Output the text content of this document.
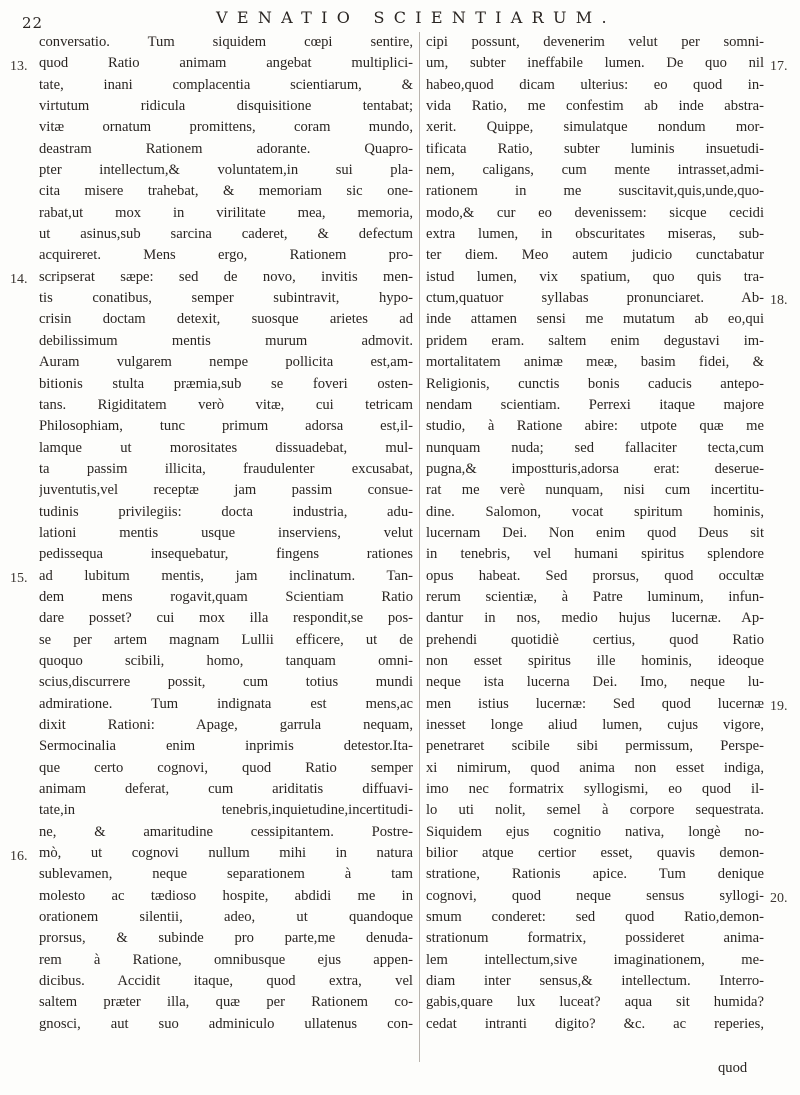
22	VENATIO SCIENTIARUM.
conversatio. Tum siquidem cœpi sentire,
quod Ratio animam angebat multiplici-
tate, inani complacentia scientiarum, &
virtutum ridicula disquisitione tentabat;
vitæ ornatum promittens, coram mundo,
deastram Rationem adorante. Quapro-
pter intellectum,& voluntatem,in sui pla-
cita misere trahebat, & memoriam sic one-
rabat,ut mox in virilitate mea, memoria,
ut asinus,sub sarcina caderet, & defectum
acquireret. Mens ergo, Rationem pro-
scripserat sæpe: sed de novo, invitis men-
tis conatibus, semper subintravit, hypo-
crisin doctam detexit, suosque arietes ad
debilissimum mentis murum admovit.
Auram vulgarem nempe pollicita est,am-
bitionis stulta præmia,sub se foveri osten-
tans. Rigiditatem verò vitæ, cui tetricam
Philosophiam, tunc primum adorsa est,il-
lamque ut morositates dissuadebat, mul-
ta passim illicita, fraudulenter excusabat,
juventutis,vel receptæ jam passim consue-
tudinis privilegiis: docta industria, adu-
lationi mentis usque inserviens, velut
pedissequa insequebatur, fingens rationes
ad lubitum mentis, jam inclinatum. Tan-
dem mens rogavit,quam Scientiam Ratio
dare posset? cui mox illa respondit,se pos-
se per artem magnam Lullii efficere, ut de
quoquo scibili, homo, tanquam omni-
scius,discurrere possit, cum totius mundi
admiratione. Tum indignata est mens,ac
dixit Rationi: Apage, garrula nequam,
Sermocinalia enim inprimis detestor.Ita-
que certo cognovi, quod Ratio semper
animam deferat, cum ariditatis diffuavi-
tate,in tenebris,inquietudine,incertitudi-
ne, & amaritudine cessipitantem. Postre-
mò, ut cognovi nullum mihi in natura
sublevamen, neque separationem à tam
molesto ac tædioso hospite, abdidi me in
orationem silentii, adeo, ut quandoque
prorsus, & subinde pro parte,me denuda-
rem à Ratione, omnibusque ejus appen-
dicibus. Accidit itaque, quod extra, vel
saltem præter illa, quæ per Rationem co-
gnosci, aut suo adminiculo ullatenus con-
cipi possunt, devenerim velut per somni-
um, subter ineffabile lumen. De quo nil
habeo,quod dicam ulterius: eo quod in-
vida Ratio, me confestim ab inde abstra-
xerit. Quippe, simulatque nondum mor-
tificata Ratio, subter luminis insuetudi-
nem, caligans, cum mente intrasset,admi-
rationem in me suscitavit,quis,unde,quo-
modo,& cur eo devenissem: sicque cecidi
extra lumen, in obscuritates miseras, sub-
ter diem. Meo autem judicio cunctabatur
istud lumen, vix spatium, quo quis tra-
ctum,quatuor syllabas pronunciaret. Ab-
inde attamen sensi me mutatum ab eo,qui
pridem eram. saltem enim degustavi im-
mortalitatem animæ meæ, basim fidei, &
Religionis, cunctis bonis caducis antepo-
nendam scientiam. Perrexi itaque majore
studio, à Ratione abire: utpote quæ me
nunquam nuda; sed fallaciter tecta,cum
pugna,& impostturis,adorsa erat: deserue-
rat me verè nunquam, nisi cum incertitu-
dine. Salomon, vocat spiritum hominis,
lucernam Dei. Non enim quod Deus sit
in tenebris, vel humani spiritus splendore
opus habeat. Sed prorsus, quod occultæ
rerum scientiæ, à Patre luminum, infun-
dantur in nos, medio hujus lucernæ. Ap-
prehendi quotidiè certius, quod Ratio
non esset spiritus ille hominis, ideoque
neque ista lucerna Dei. Imo, neque lu-
men istius lucernæ: Sed quod lucernæ
inesset longe aliud lumen, cujus vigore,
penetraret scibile sibi permissum, Perspe-
xi nimirum, quod anima non esset indiga,
imo nec formatrix syllogismi, eo quod il-
lo uti nolit, semel à corpore sequestrata.
Siquidem ejus cognitio nativa, longè no-
bilior atque certior esset, quavis demon-
stratione, Rationis apice. Tum denique
cognovi, quod neque sensus syllogi-
smum conderet: sed quod Ratio,demon-
strationum formatrix, possideret anima-
lem intellectum,sive imaginationem, me-
diam inter sensus,& intellectum. Interro-
gabis,quare lux luceat? aqua sit humida?
cedat intranti digito? &c. ac reperies,
13.
14.
15.
16.
17.
18.
19.
20.
quod
